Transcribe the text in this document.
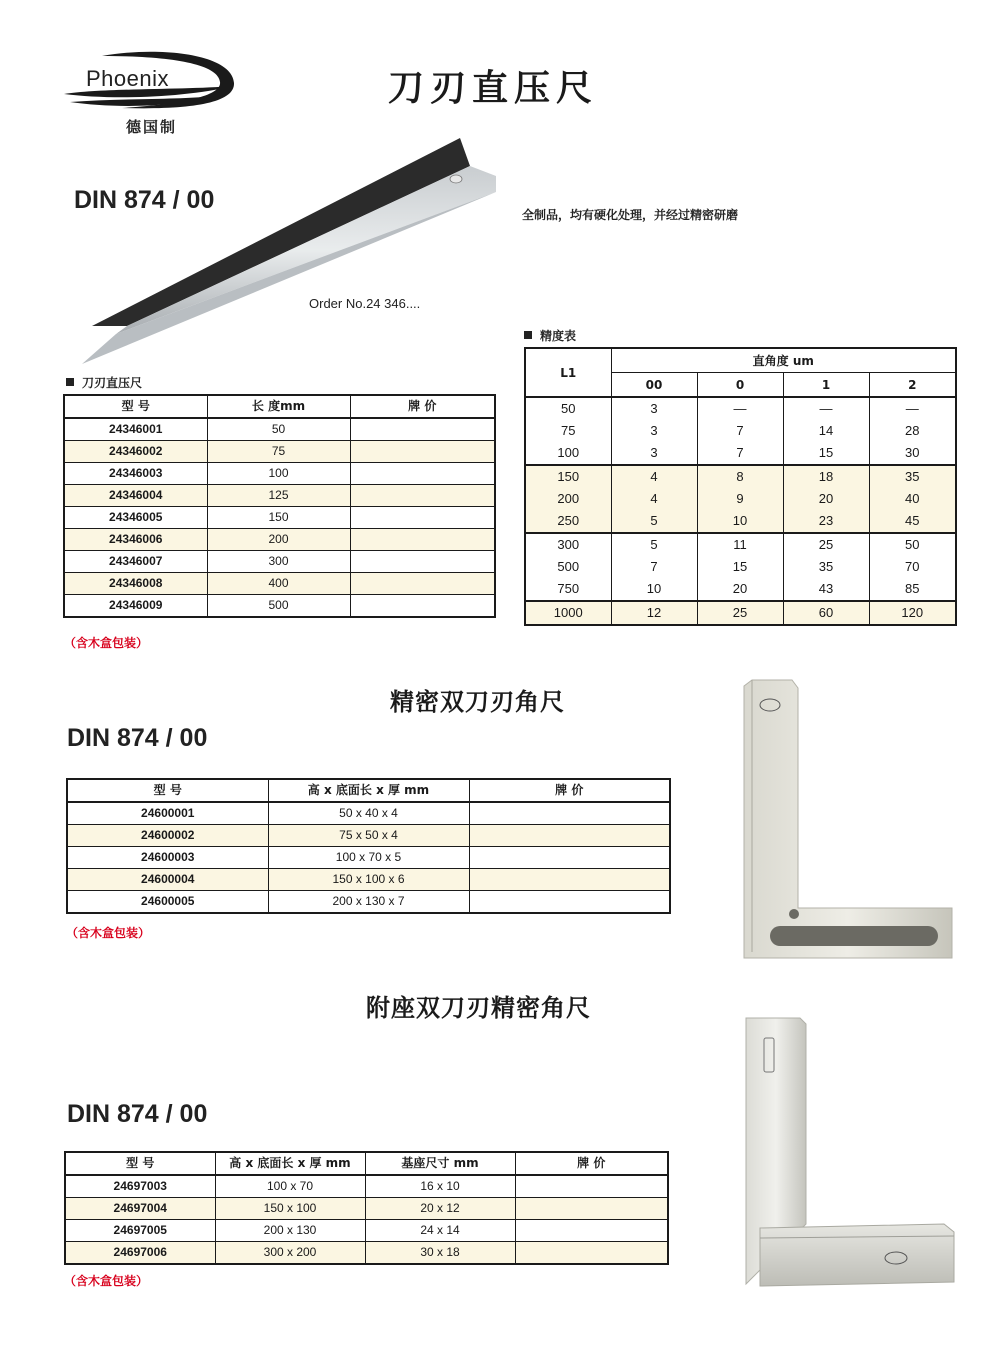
Phoenix
德国制
刀刃直压尺
DIN 874 / 00
全制品，均有硬化处理，并经过精密研磨
Order No.24 346....
刀刃直压尺
型 号	长 度mm	牌 价
24346001	50	
24346002	75	
24346003	100	
24346004	125	
24346005	150	
24346006	200	
24346007	300	
24346008	400	
24346009	500	
（含木盒包装）
精度表
L1	直角度 um			
	00	0	1	2
50	3	—	—	—
75	3	7	14	28
100	3	7	15	30
150	4	8	18	35
200	4	9	20	40
250	5	10	23	45
300	5	11	25	50
500	7	15	35	70
750	10	20	43	85
1000	12	25	60	120
精密双刀刃角尺
DIN 874 / 00
型 号	高 x 底面长 x 厚 mm	牌 价
24600001	50 x 40 x 4	
24600002	75 x 50 x 4	
24600003	100 x 70 x 5	
24600004	150 x 100 x 6	
24600005	200 x 130 x 7	
（含木盒包装）
附座双刀刃精密角尺
DIN 874 / 00
型 号	高 x 底面长 x 厚 mm	基座尺寸 mm	牌 价
24697003	100 x 70	16 x 10	
24697004	150 x 100	20 x 12	
24697005	200 x 130	24 x 14	
24697006	300 x 200	30 x 18	
（含木盒包装）
